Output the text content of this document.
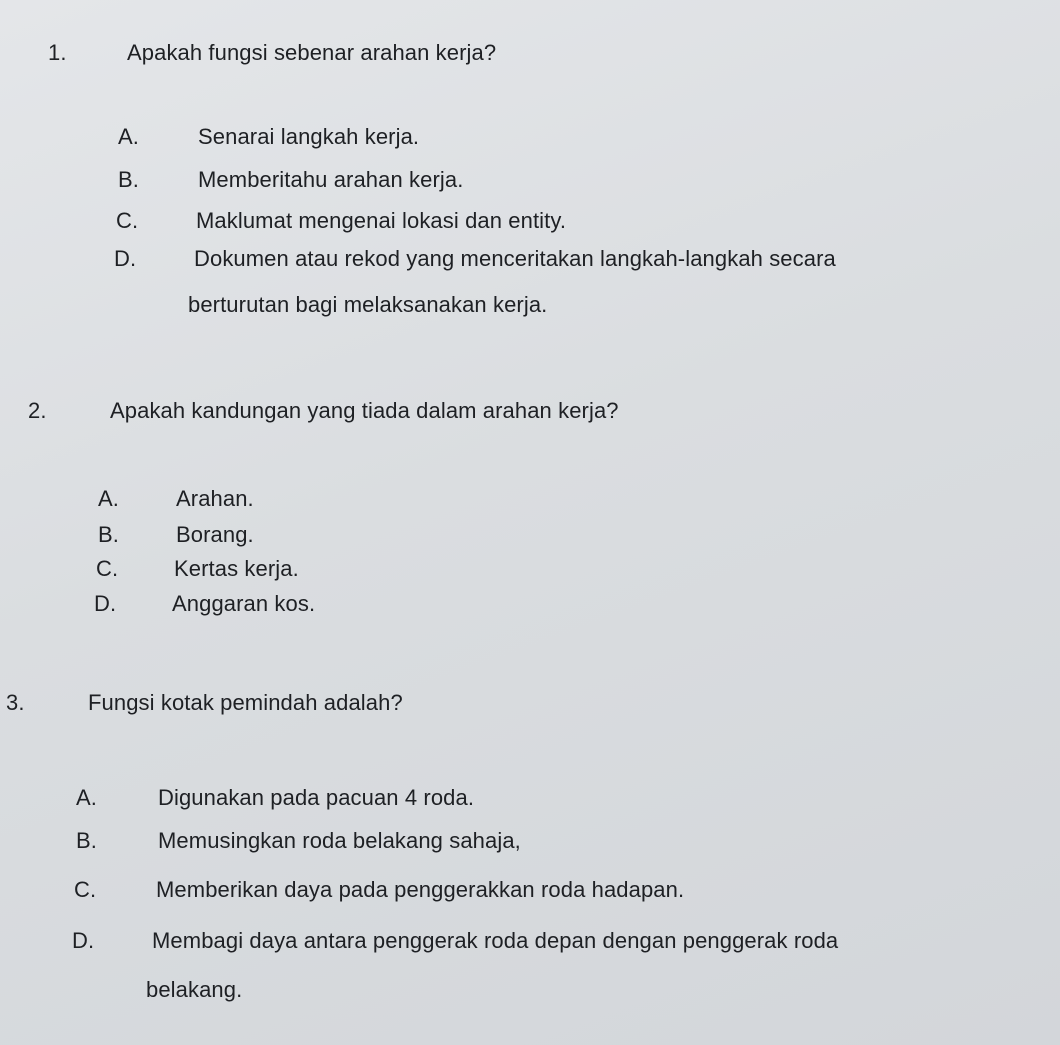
1.	Apakah fungsi sebenar arahan kerja?
A.	Senarai langkah kerja.
B.	Memberitahu arahan kerja.
C.	Maklumat mengenai lokasi dan entity.
D.	Dokumen atau rekod yang menceritakan langkah-langkah secara
berturutan bagi melaksanakan kerja.
2.	Apakah kandungan yang tiada dalam arahan kerja?
A.	Arahan.
B.	Borang.
C.	Kertas kerja.
D.	Anggaran kos.
3.	Fungsi kotak pemindah adalah?
A.	Digunakan pada pacuan 4 roda.
B.	Memusingkan roda belakang sahaja,
C.	Memberikan daya pada penggerakkan roda hadapan.
D.	Membagi daya antara penggerak roda depan dengan penggerak roda
belakang.
